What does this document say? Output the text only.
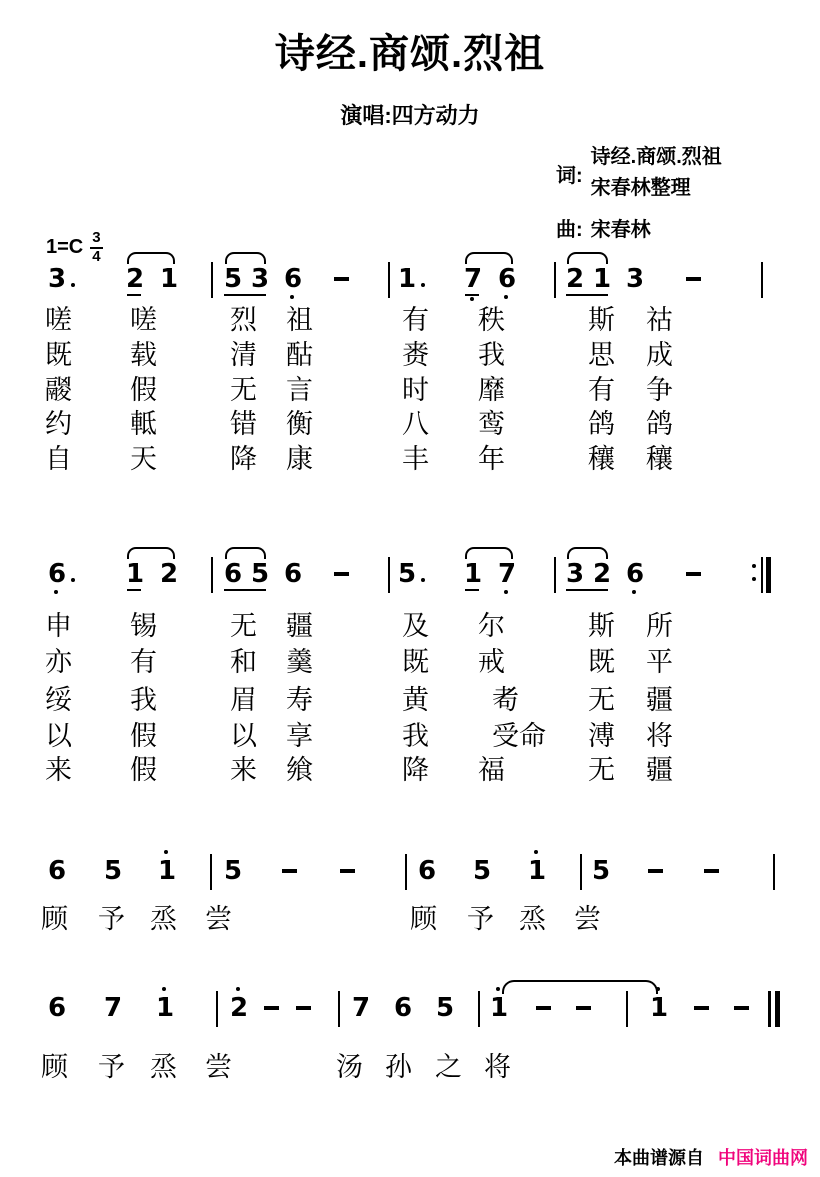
诗经.商颂.烈祖
演唱:四方动力
词:
诗经.商颂.烈祖
宋春林整理
曲: 宋春林
$1=C \frac{3}{4}$
3 2 1 5 3 6	1 7 6 2 1 3
6 1 2 6 5 6	5 1 7 3 2 6
6 5 1 5	6 5 1 5
6 7 1 2	7 6 5 1	1
嗟 嗟	烈 祖	有 秩	斯 祜
既 载	清 酤	赉 我	思 成
鬷 假	无 言	时 靡	有 争
约 軧	错 衡	八 鸾	鸽 鸽
自 天	降 康	丰 年	穰 穰
申 锡	无 疆	及 尔	斯 所
亦 有	和 羹	既 戒	既 平
绥 我	眉 寿	黄 耇	无 疆
以 假	以 享	我 受命 溥 将
来 假	来 飨	降 福	无 疆
顾 予 烝 尝	顾 予 烝 尝
顾 予 烝 尝	汤 孙 之 将
本曲谱源自 中国词曲网
